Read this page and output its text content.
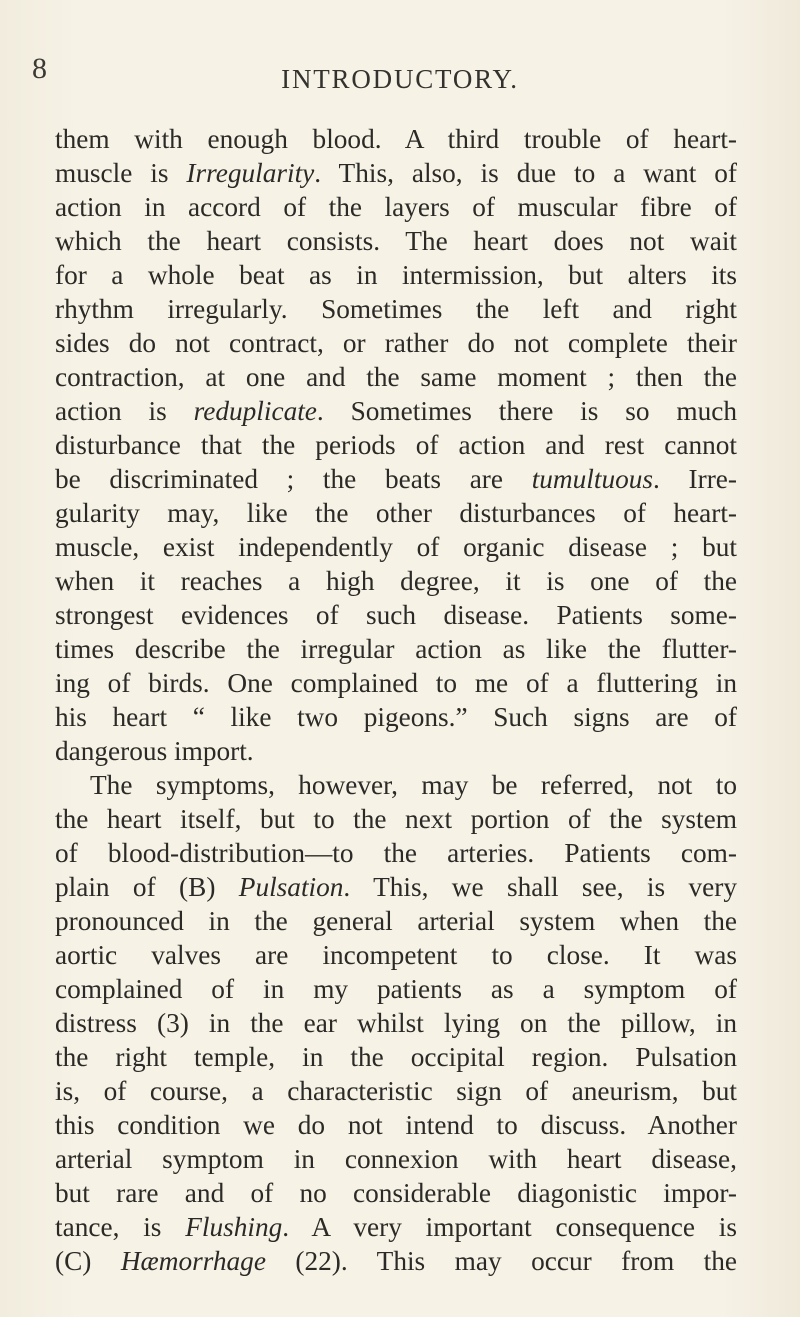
8	INTRODUCTORY.
them with enough blood. A third trouble of heart-
muscle is Irregularity. This, also, is due to a want of
action in accord of the layers of muscular fibre of
which the heart consists. The heart does not wait
for a whole beat as in intermission, but alters its
rhythm irregularly. Sometimes the left and right
sides do not contract, or rather do not complete their
contraction, at one and the same moment ; then the
action is reduplicate. Sometimes there is so much
disturbance that the periods of action and rest cannot
be discriminated ; the beats are tumultuous. Irre-
gularity may, like the other disturbances of heart-
muscle, exist independently of organic disease ; but
when it reaches a high degree, it is one of the
strongest evidences of such disease. Patients some-
times describe the irregular action as like the flutter-
ing of birds. One complained to me of a fluttering in
his heart “ like two pigeons.” Such signs are of
dangerous import.
The symptoms, however, may be referred, not to
the heart itself, but to the next portion of the system
of blood-distribution—to the arteries. Patients com-
plain of (B) Pulsation. This, we shall see, is very
pronounced in the general arterial system when the
aortic valves are incompetent to close. It was
complained of in my patients as a symptom of
distress (3) in the ear whilst lying on the pillow, in
the right temple, in the occipital region. Pulsation
is, of course, a characteristic sign of aneurism, but
this condition we do not intend to discuss. Another
arterial symptom in connexion with heart disease,
but rare and of no considerable diagonistic impor-
tance, is Flushing. A very important consequence is
(C) Hæmorrhage (22). This may occur from the
